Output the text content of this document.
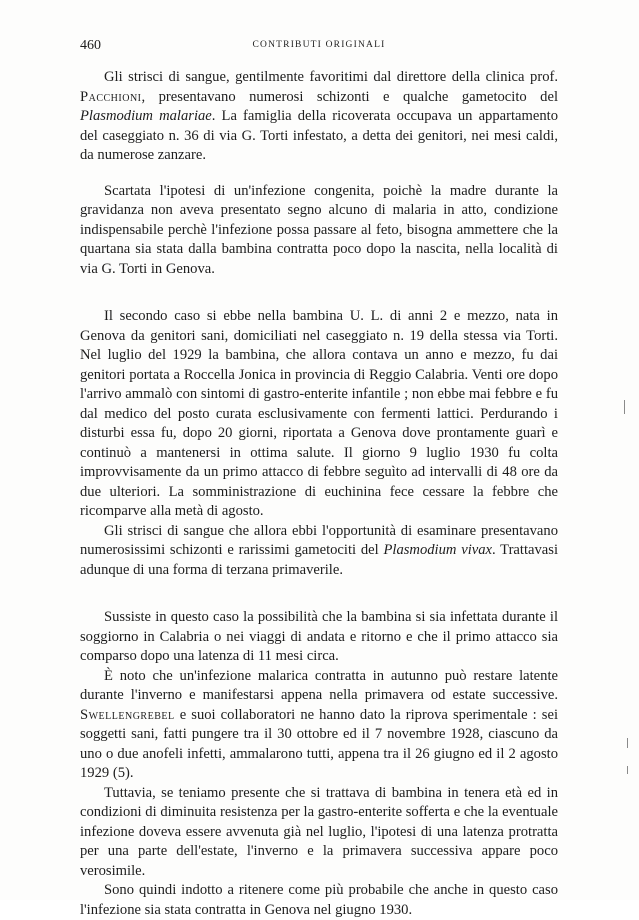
460	CONTRIBUTI ORIGINALI

Gli strisci di sangue, gentilmente favoritimi dal direttore della clinica prof. Pacchioni, presentavano numerosi schizonti e qualche gametocito del Plasmodium malariae. La famiglia della ricoverata occupava un appartamento del caseggiato n. 36 di via G. Torti infestato, a detta dei genitori, nei mesi caldi, da numerose zanzare.

Scartata l'ipotesi di un'infezione congenita, poichè la madre durante la gravidanza non aveva presentato segno alcuno di malaria in atto, condizione indispensabile perchè l'infezione possa passare al feto, bisogna ammettere che la quartana sia stata dalla bambina contratta poco dopo la nascita, nella località di via G. Torti in Genova.

Il secondo caso si ebbe nella bambina U. L. di anni 2 e mezzo, nata in Genova da genitori sani, domiciliati nel caseggiato n. 19 della stessa via Torti. Nel luglio del 1929 la bambina, che allora contava un anno e mezzo, fu dai genitori portata a Roccella Jonica in provincia di Reggio Calabria. Venti ore dopo l'arrivo ammalò con sintomi di gastro-enterite infantile ; non ebbe mai febbre e fu dal medico del posto curata esclusivamente con fermenti lattici. Perdurando i disturbi essa fu, dopo 20 giorni, riportata a Genova dove prontamente guarì e continuò a mantenersi in ottima salute. Il giorno 9 luglio 1930 fu colta improvvisamente da un primo attacco di febbre seguìto ad intervalli di 48 ore da due ulteriori. La somministrazione di euchinina fece cessare la febbre che ricomparve alla metà di agosto.

Gli strisci di sangue che allora ebbi l'opportunità di esaminare presentavano numerosissimi schizonti e rarissimi gametociti del Plasmodium vivax. Trattavasi adunque di una forma di terzana primaverile.

Sussiste in questo caso la possibilità che la bambina si sia infettata durante il soggiorno in Calabria o nei viaggi di andata e ritorno e che il primo attacco sia comparso dopo una latenza di 11 mesi circa.

È noto che un'infezione malarica contratta in autunno può restare latente durante l'inverno e manifestarsi appena nella primavera od estate successive. Swellengrebel e suoi collaboratori ne hanno dato la riprova sperimentale : sei soggetti sani, fatti pungere tra il 30 ottobre ed il 7 novembre 1928, ciascuno da uno o due anofeli infetti, ammalarono tutti, appena tra il 26 giugno ed il 2 agosto 1929 (5).

Tuttavia, se teniamo presente che si trattava di bambina in tenera età ed in condizioni di diminuita resistenza per la gastro-enterite sofferta e che la eventuale infezione doveva essere avvenuta già nel luglio, l'ipotesi di una latenza protratta per una parte dell'estate, l'inverno e la primavera successiva appare poco verosimile.

Sono quindi indotto a ritenere come più probabile che anche in questo caso l'infezione sia stata contratta in Genova nel giugno 1930.
